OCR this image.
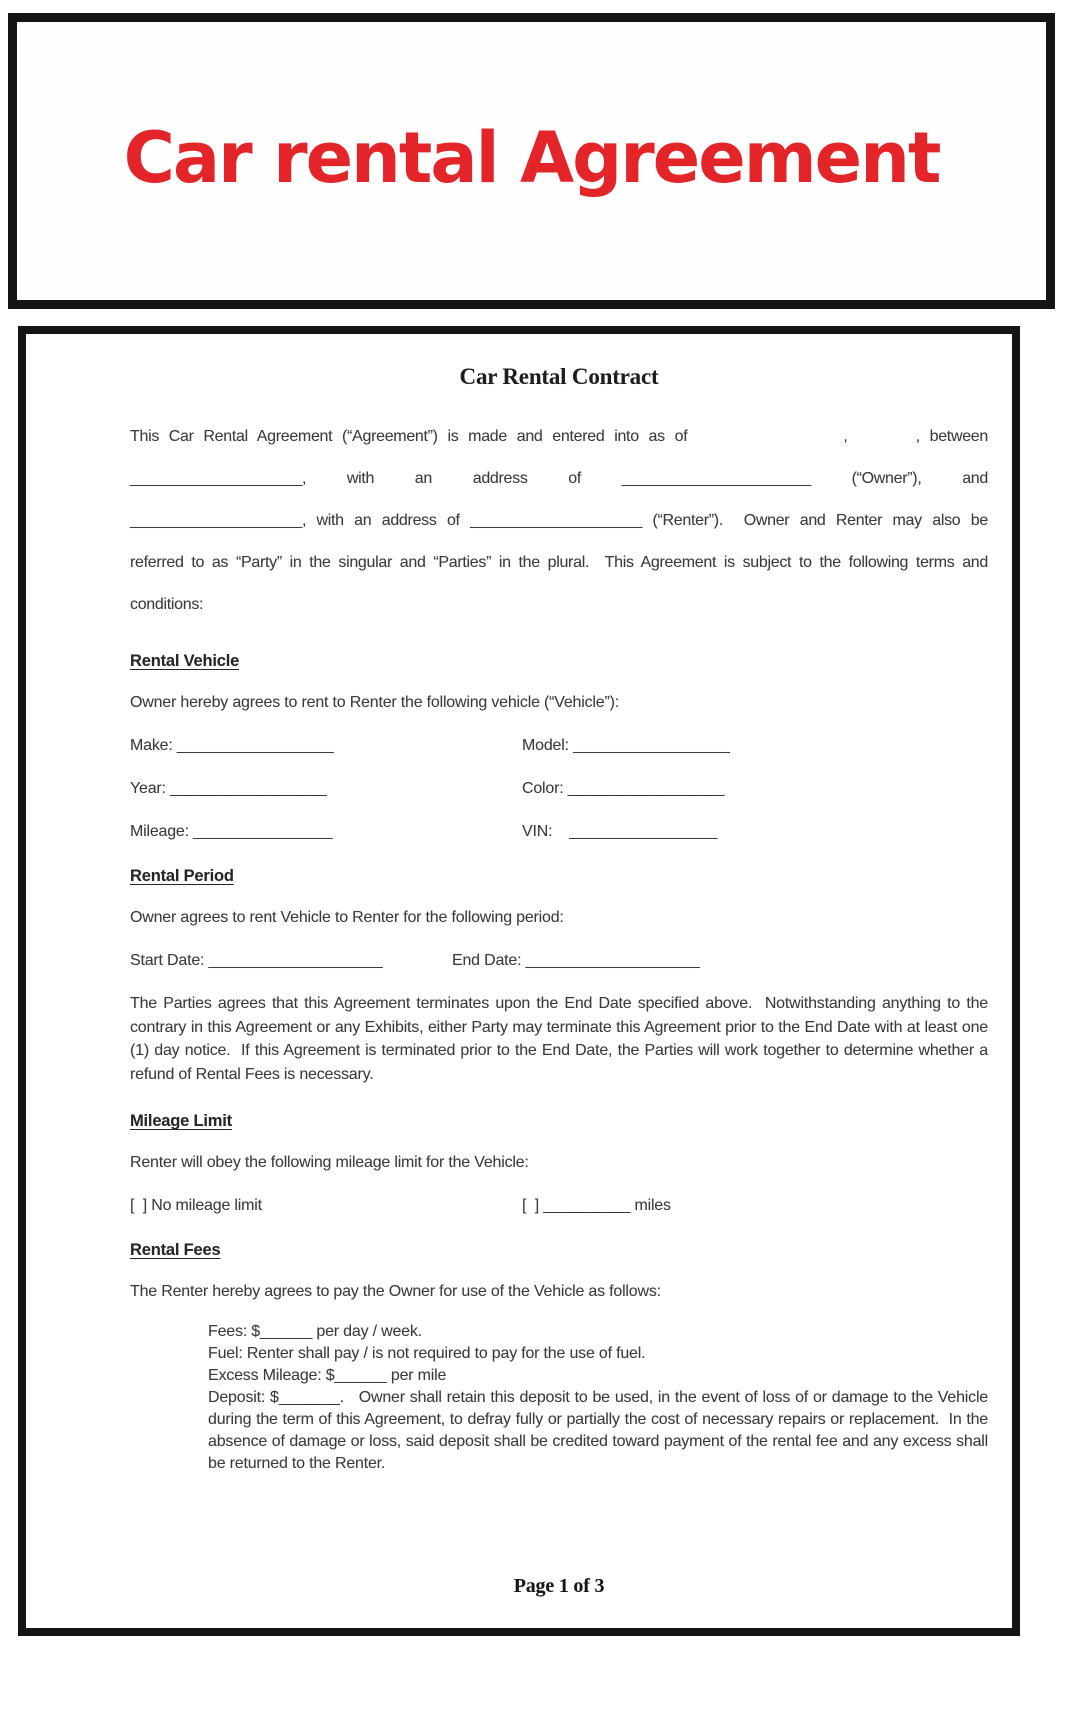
Car rental Agreement
Car Rental Contract
This Car Rental Agreement (“Agreement”) is made and entered into as of                ,       , between
____________________, with an address of ______________________ (“Owner”), and
____________________, with an address of ____________________ (“Renter”).  Owner and Renter may also be
referred to as “Party” in the singular and “Parties” in the plural.  This Agreement is subject to the following terms and
conditions:
Rental Vehicle
Owner hereby agrees to rent to Renter the following vehicle (“Vehicle”):
Make: __________________	Model: __________________
Year: __________________	Color: __________________
Mileage: ________________	VIN:    _________________
Rental Period
Owner agrees to rent Vehicle to Renter for the following period:
Start Date: ____________________	End Date: ____________________
The Parties agrees that this Agreement terminates upon the End Date specified above.  Notwithstanding anything to the contrary in this Agreement or any Exhibits, either Party may terminate this Agreement prior to the End Date with at least one (1) day notice.  If this Agreement is terminated prior to the End Date, the Parties will work together to determine whether a refund of Rental Fees is necessary.
Mileage Limit
Renter will obey the following mileage limit for the Vehicle:
[  ] No mileage limit	[  ] __________ miles
Rental Fees
The Renter hereby agrees to pay the Owner for use of the Vehicle as follows:
Fees: $______ per day / week.
Fuel: Renter shall pay / is not required to pay for the use of fuel.
Excess Mileage: $______ per mile
Deposit: $_______.   Owner shall retain this deposit to be used, in the event of loss of or damage to the Vehicle during the term of this Agreement, to defray fully or partially the cost of necessary repairs or replacement.  In the absence of damage or loss, said deposit shall be credited toward payment of the rental fee and any excess shall be returned to the Renter.
Page 1 of 3
